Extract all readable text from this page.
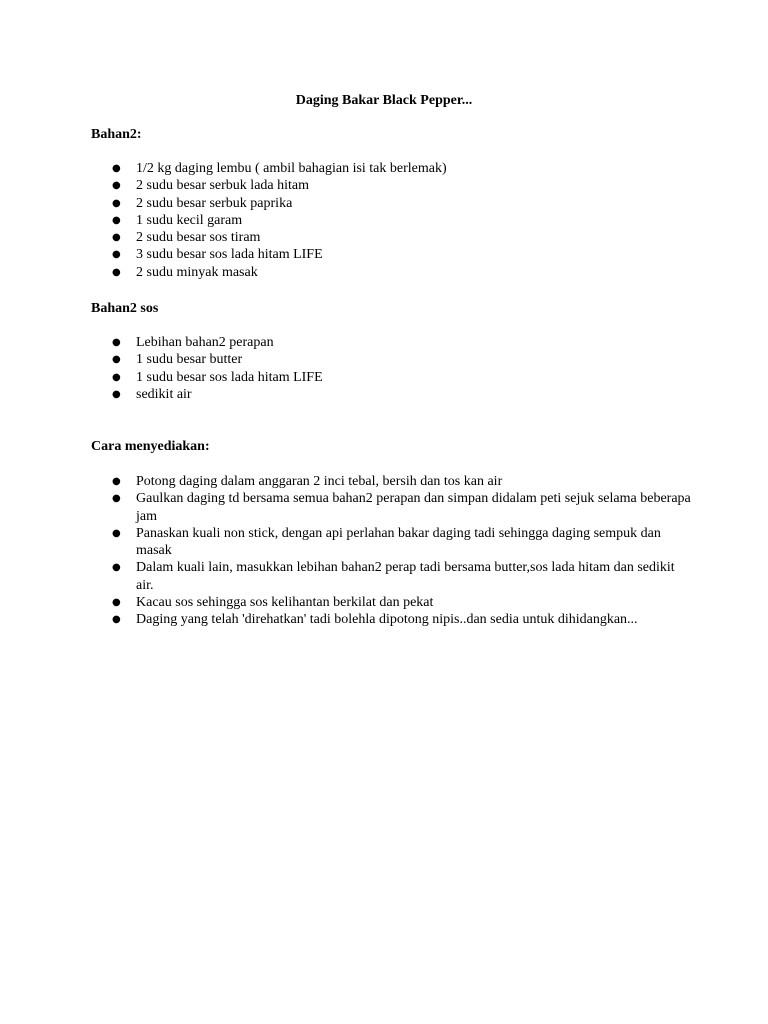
Daging Bakar Black Pepper...
Bahan2:
● 1/2 kg daging lembu ( ambil bahagian isi tak berlemak)
● 2 sudu besar serbuk lada hitam
● 2 sudu besar serbuk paprika
● 1 sudu kecil garam
● 2 sudu besar sos tiram
● 3 sudu besar sos lada hitam LIFE
● 2 sudu minyak masak
Bahan2 sos
● Lebihan bahan2 perapan
● 1 sudu besar butter
● 1 sudu besar sos lada hitam LIFE
● sedikit air
Cara menyediakan:
● Potong daging dalam anggaran 2 inci tebal, bersih dan tos kan air
● Gaulkan daging td bersama semua bahan2 perapan dan simpan didalam peti sejuk selama beberapa jam
● Panaskan kuali non stick, dengan api perlahan bakar daging tadi sehingga daging sempuk dan masak
● Dalam kuali lain, masukkan lebihan bahan2 perap tadi bersama butter,sos lada hitam dan sedikit air.
● Kacau sos sehingga sos kelihantan berkilat dan pekat
● Daging yang telah 'direhatkan' tadi bolehla dipotong nipis..dan sedia untuk dihidangkan...
